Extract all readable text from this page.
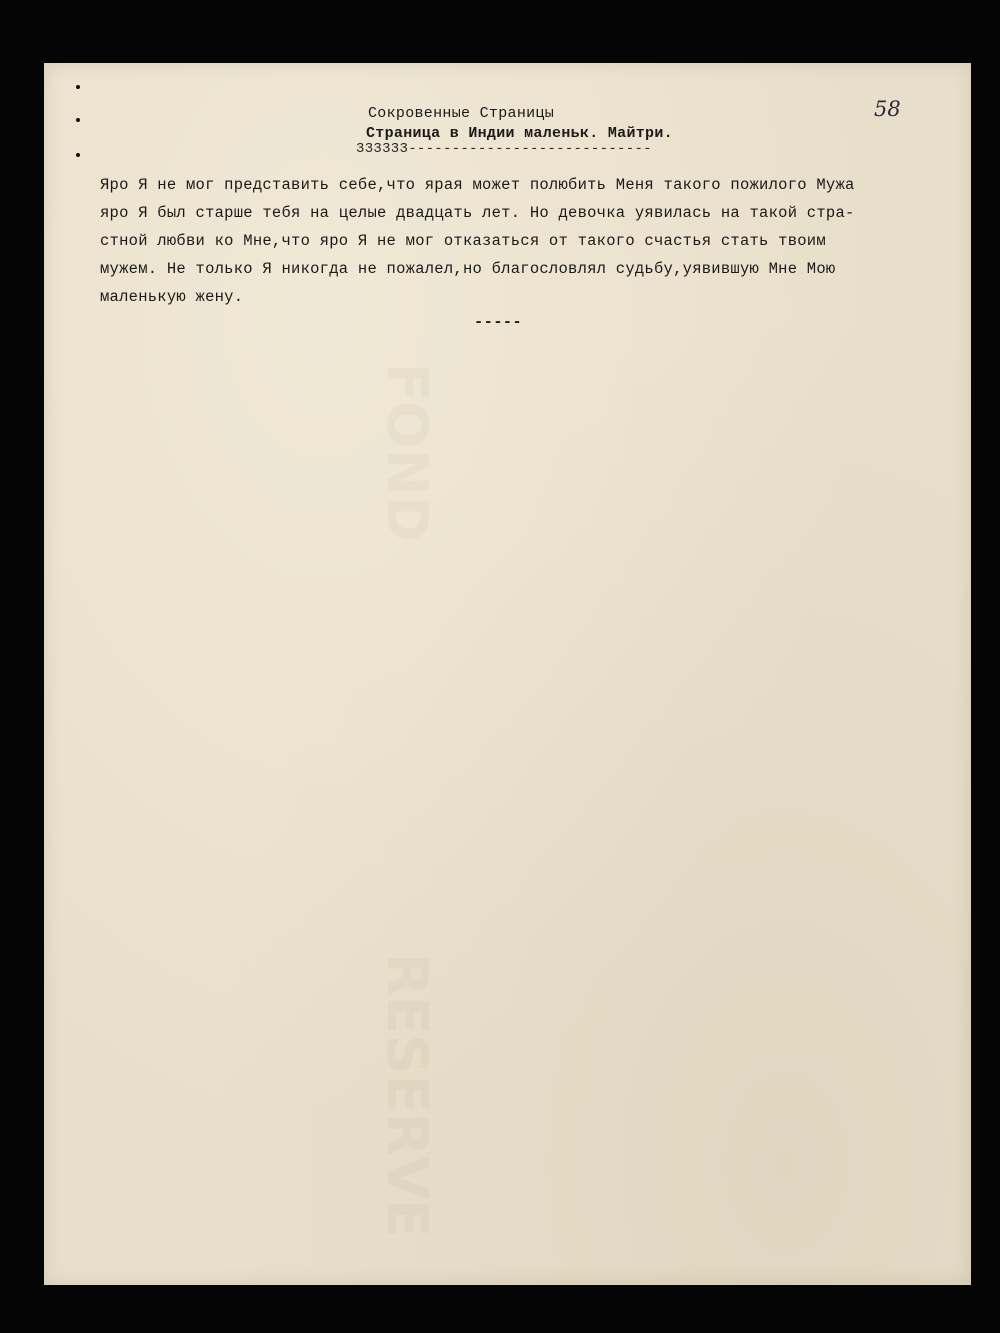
FOND
RESERVE

Сокровенные Страницы

Страница в Индии маленьк. Майтри.

333333----------------------------

58

Яро Я не мог представить себе,что ярая может полюбить Меня такого пожилого Мужа
яро Я был старше тебя на целые двадцать лет. Но девочка уявилась на такой стра-
стной любви ко Мне,что яро Я не мог отказаться от такого счастья стать твоим
мужем. Не только Я никогда не пожалел,но благословлял судьбу,уявившую Мне Мою
маленькую жену.

-----
